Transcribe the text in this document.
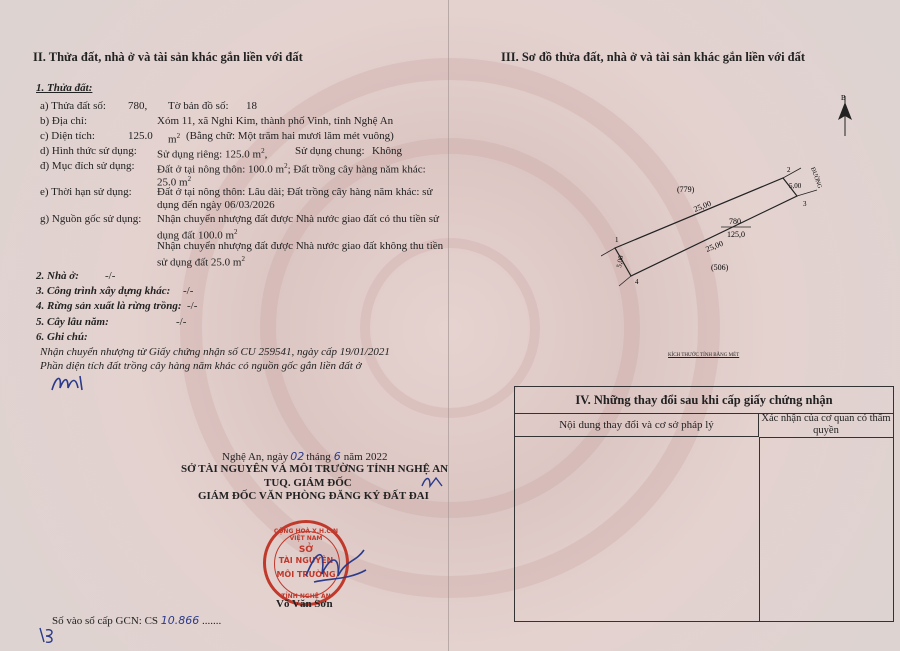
II. Thửa đất, nhà ở và tài sản khác gắn liền với đất
1. Thửa đất:
a) Thửa đất số: 780, Tờ bản đồ số: 18
b) Địa chỉ:	Xóm 11, xã Nghi Kim, thành phố Vinh, tỉnh Nghệ An
c) Diện tích:	125.0 $m^2$ (Bằng chữ: Một trăm hai mươi lăm mét vuông)
d) Hình thức sử dụng: Sử dụng riêng: 125.0 $m^2$,	Sử dụng chung: Không
đ) Mục đích sử dụng: Đất ở tại nông thôn: 100.0 $m^2$; Đất trồng cây hàng năm khác:
25.0 $m^2$
e) Thời hạn sử dụng: Đất ở tại nông thôn: Lâu dài; Đất trồng cây hàng năm khác: sử
dụng đến ngày 06/03/2026
g) Nguồn gốc sử dụng: Nhận chuyển nhượng đất được Nhà nước giao đất có thu tiền sử
dụng đất 100.0 $m^2$
Nhận chuyển nhượng đất được Nhà nước giao đất không thu tiền
sử dụng đất 25.0 $m^2$
2. Nhà ở: -/-
3. Công trình xây dựng khác: -/-
4. Rừng sản xuất là rừng trồng: -/-
5. Cây lâu năm:	-/-
6. Ghi chú:
Nhận chuyển nhượng từ Giấy chứng nhận số CU 259541, ngày cấp 19/01/2021
Phần diện tích đất trồng cây hàng năm khác có nguồn gốc gắn liền đất ở
Nghệ An, ngày 02 tháng 6 năm 2022
SỞ TÀI NGUYÊN VÀ MÔI TRƯỜNG TỈNH NGHỆ AN
TUQ. GIÁM ĐỐC
GIÁM ĐỐC VĂN PHÒNG ĐĂNG KÝ ĐẤT ĐAI
CỘNG HOÀ X.H.C.N VIỆT NAM
SỞ
TÀI NGUYÊN
MÔI TRƯỜNG
TỈNH NGHỆ AN
Võ Văn Sơn
Số vào sổ cấp GCN: CS 10.866 .......
III. Sơ đồ thửa đất, nhà ở và tài sản khác gắn liền với đất
(779)
(506)
25,00
25,00
780
125,0
5,00
5,00
2
3
1
4
ĐƯỜNG
B
KÍCH THƯỚC TÍNH BẰNG MÉT
IV. Những thay đổi sau khi cấp giấy chứng nhận
Nội dung thay đổi và cơ sở pháp lý
Xác nhận của cơ quan có thẩm quyền
